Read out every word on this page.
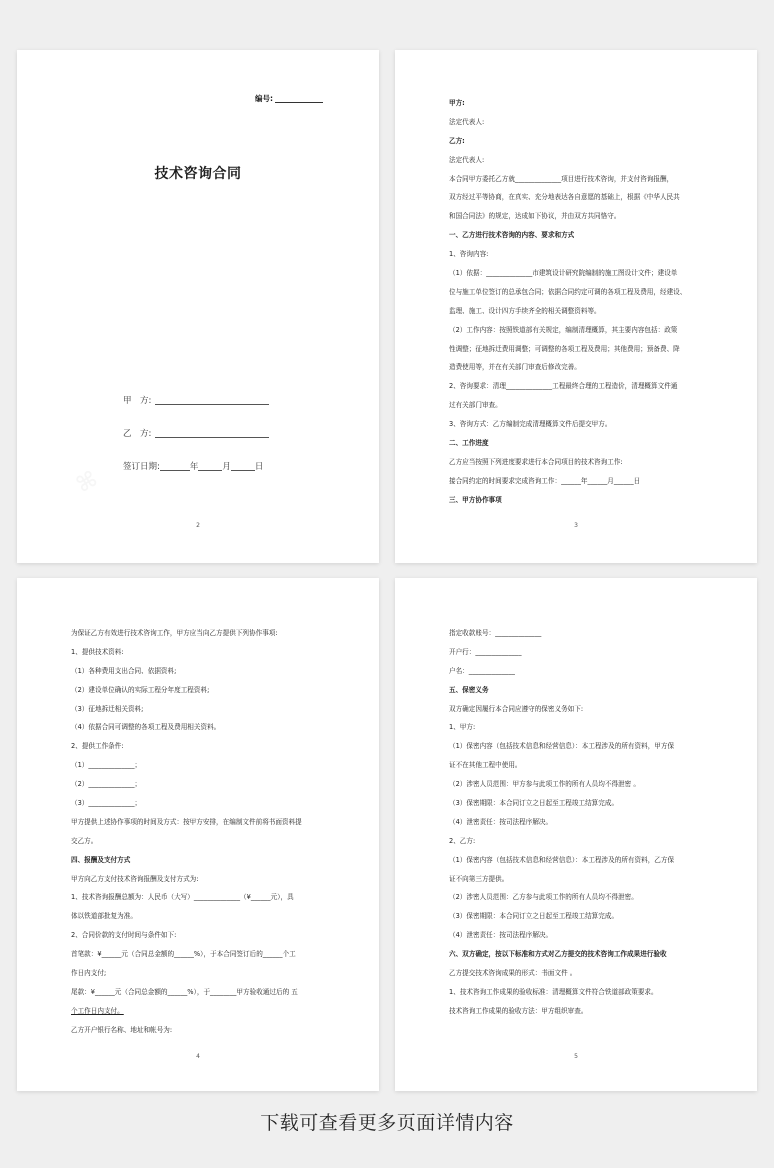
编号:
技术咨询合同
甲　方:
乙　方:
签订日期:	年	月	日
2
甲方:
法定代表人:
乙方:
法定代表人:
本合同甲方委托乙方就______________项目进行技术咨询，并支付咨询报酬，
双方经过平等协商，在真实、充分地表达各自意愿的基础上，根据《中华人民共
和国合同法》的规定，达成如下协议，并由双方共同恪守。
一、乙方进行技术咨询的内容、要求和方式
1、咨询内容:
（1）依据：______________市建筑设计研究院编制的施工图设计文件；建设单
位与施工单位签订的总承包合同；依据合同约定可调的各项工程及费用，经建设、
监理、施工、设计四方手续齐全的相关调整资料等。
（2）工作内容：按照铁道部有关规定，编制清理概算，其主要内容包括：政策
性调整；征地拆迁费用调整；可调整的各项工程及费用；其他费用；预备费、降
造费使用等，并在有关部门审查后修改完善。
2、咨询要求：清理______________工程最终合理的工程造价，清理概算文件通
过有关部门审查。
3、咨询方式：乙方编制完成清理概算文件后提交甲方。
二、工作进度
乙方应当按照下列进度要求进行本合同项目的技术咨询工作:
接合同约定的时间要求完成咨询工作：______年______月______日
三、甲方协作事项
3
为保证乙方有效进行技术咨询工作，甲方应当向乙方提供下列协作事项:
1、提供技术资料:
（1）各种费用支出合同、依据资料;
（2）建设单位确认的实际工程分年度工程资料;
（3）征地拆迁相关资料;
（4）依据合同可调整的各项工程及费用相关资料。
2、提供工作条件:
（1）______________；
（2）______________；
（3）______________；
甲方提供上述协作事项的时间及方式：按甲方安排，在编制文件前将书面资料提
交乙方。
四、报酬及支付方式
甲方向乙方支付技术咨询报酬及支付方式为:
1、技术咨询报酬总额为：人民币（大写）______________（¥______元），具
体以铁道部批复为准。
2、合同价款的支付时间与条件如下:
首笔款：¥______元（合同总金额的______%），于本合同签订后的______个工
作日内支付;
尾款：¥______元（合同总金额的______%），于________甲方验收通过后的 五
个工作日内支付。
乙方开户银行名称、地址和帐号为:
4
指定收款账号：______________
开户行：______________
户名：______________
五、保密义务
双方确定因履行本合同应遵守的保密义务如下:
1、甲方:
（1）保密内容（包括技术信息和经营信息）：本工程涉及的所有资料，甲方保
证不在其他工程中使用。
（2）涉密人员范围：甲方参与此项工作的所有人员均不得泄密 。
（3）保密期限：本合同订立之日起至工程竣工结算完成。
（4）泄密责任：按司法程序解决。
2、乙方:
（1）保密内容（包括技术信息和经营信息）：本工程涉及的所有资料，乙方保
证不向第三方提供。
（2）涉密人员范围：乙方参与此项工作的所有人员均不得泄密。
（3）保密期限：本合同订立之日起至工程竣工结算完成。
（4）泄密责任：按司法程序解决。
六、双方确定，按以下标准和方式对乙方提交的技术咨询工作成果进行验收
乙方提交技术咨询成果的形式：书面文件 。
1、技术咨询工作成果的验收标准：清理概算文件符合铁道部政策要求。
技术咨询工作成果的验收方法：甲方组织审查。
5
下载可查看更多页面详情内容
